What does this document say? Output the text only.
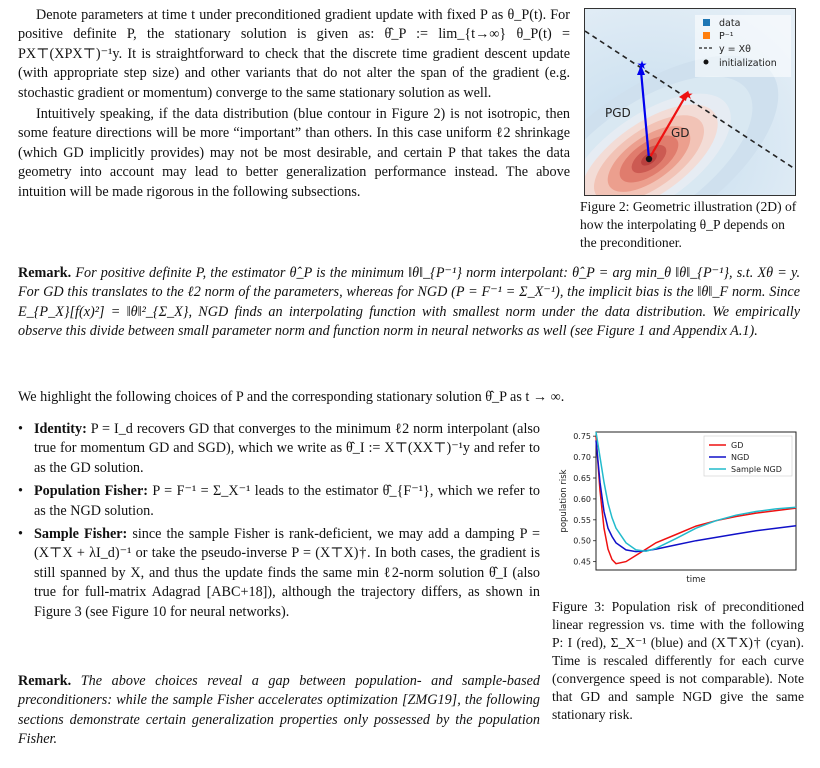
Denote parameters at time t under preconditioned gradient update with fixed P as θ_P(t). For positive definite P, the stationary solution is given as: θ̂_P := lim_{t→∞} θ_P(t) = PX⊤(XPX⊤)⁻¹y. It is straightforward to check that the discrete time gradient descent update (with appropriate step size) and other variants that do not alter the span of the gradient (e.g. stochastic gradient or momentum) converge to the same stationary solution as well.

Intuitively speaking, if the data distribution (blue contour in Figure 2) is not isotropic, then some feature directions will be more “important” than others. In this case uniform ℓ2 shrinkage (which GD implicitly provides) may not be most desirable, and certain P that takes the data geometry into account may lead to better generalization performance instead. The above intuition will be made rigorous in the following subsections.

★
★
PGD
GD
data
P⁻¹
y = Xθ
initialization
Figure 2: Geometric illustration (2D) of how the interpolating θ_P depends on the preconditioner.

Remark. For positive definite P, the estimator θ̂_P is the minimum ‖θ‖_{P⁻¹} norm interpolant: θ̂_P = arg min_θ ‖θ‖_{P⁻¹}, s.t. Xθ = y. For GD this translates to the ℓ2 norm of the parameters, whereas for NGD (P = F⁻¹ = Σ_X⁻¹), the implicit bias is the ‖θ‖_F norm. Since E_{P_X}[f(x)²] = ‖θ‖²_{Σ_X}, NGD finds an interpolating function with smallest norm under the data distribution. We empirically observe this divide between small parameter norm and function norm in neural networks as well (see Figure 1 and Appendix A.1).

We highlight the following choices of P and the corresponding stationary solution θ̂_P as t → ∞.

• Identity: P = I_d recovers GD that converges to the minimum ℓ2 norm interpolant (also true for momentum GD and SGD), which we write as θ̂_I := X⊤(XX⊤)⁻¹y and refer to as the GD solution.
• Population Fisher: P = F⁻¹ = Σ_X⁻¹ leads to the estimator θ̂_{F⁻¹}, which we refer to as the NGD solution.
• Sample Fisher: since the sample Fisher is rank-deficient, we may add a damping P = (X⊤X + λI_d)⁻¹ or take the pseudo-inverse P = (X⊤X)†. In both cases, the gradient is still spanned by X, and thus the update finds the same min ℓ2-norm solution θ̂_I (also true for full-matrix Adagrad [ABC+18]), although the trajectory differs, as shown in Figure 3 (see Figure 10 for neural networks).

Remark. The above choices reveal a gap between population- and sample-based preconditioners: while the sample Fisher accelerates optimization [ZMG19], the following sections demonstrate certain generalization properties only possessed by the population Fisher.

0.75
0.70
0.65
0.60
0.55
0.50
0.45
time
population risk
GD
NGD
Sample NGD
Figure 3: Population risk of preconditioned linear regression vs. time with the following P: I (red), Σ_X⁻¹ (blue) and (X⊤X)† (cyan). Time is rescaled differently for each curve (convergence speed is not comparable). Note that GD and sample NGD give the same stationary risk.
